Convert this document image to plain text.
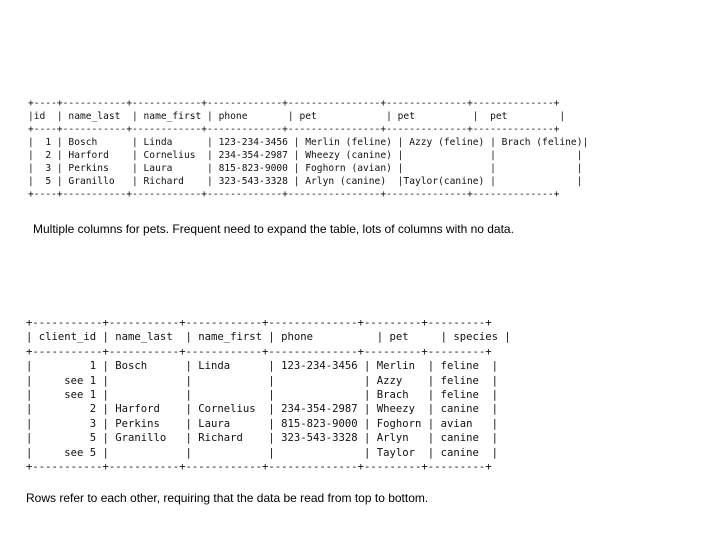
+----+-----------+------------+-------------+----------------+--------------+--------------+
|id  | name_last  | name_first | phone       | pet            | pet          |  pet         |
+----+-----------+------------+-------------+----------------+--------------+--------------+
|  1 | Bosch      | Linda      | 123-234-3456 | Merlin (feline) | Azzy (feline) | Brach (feline)|
|  2 | Harford    | Cornelius  | 234-354-2987 | Wheezy (canine) |               |              |
|  3 | Perkins    | Laura      | 815-823-9000 | Foghorn (avian) |               |              |
|  5 | Granillo   | Richard    | 323-543-3328 | Arlyn (canine)  |Taylor(canine) |              |
+----+-----------+------------+-------------+----------------+--------------+--------------+

Multiple columns for pets. Frequent need to expand the table, lots of columns with no data.

+-----------+-----------+------------+--------------+---------+---------+
| client_id | name_last  | name_first | phone          | pet     | species |
+-----------+-----------+------------+--------------+---------+---------+
|         1 | Bosch      | Linda      | 123-234-3456 | Merlin  | feline  |
|     see 1 |            |            |              | Azzy    | feline  |
|     see 1 |            |            |              | Brach   | feline  |
|         2 | Harford    | Cornelius  | 234-354-2987 | Wheezy  | canine  |
|         3 | Perkins    | Laura      | 815-823-9000 | Foghorn | avian   |
|         5 | Granillo   | Richard    | 323-543-3328 | Arlyn   | canine  |
|     see 5 |            |            |              | Taylor  | canine  |
+-----------+-----------+------------+--------------+---------+---------+

Rows refer to each other, requiring that the data be read from top to bottom.
